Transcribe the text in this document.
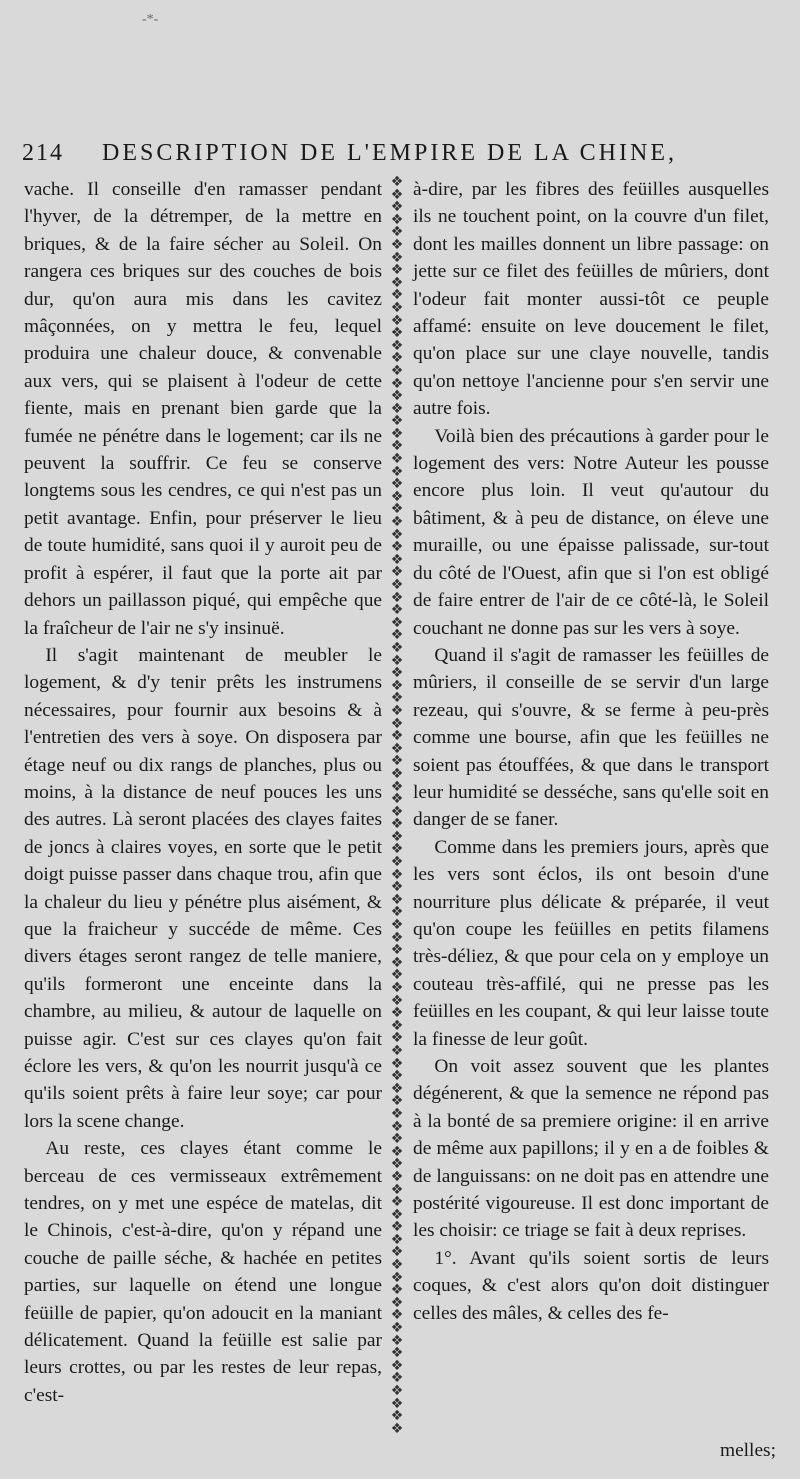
-*-
214 DESCRIPTION DE L'EMPIRE DE LA CHINE,

vache. Il conseille d'en ramasser pendant l'hyver, de la détremper, de la mettre en briques, & de la faire sécher au Soleil. On rangera ces briques sur des couches de bois dur, qu'on aura mis dans les cavitez mâçonnées, on y mettra le feu, lequel produira une chaleur douce, & convenable aux vers, qui se plaisent à l'odeur de cette fiente, mais en prenant bien garde que la fumée ne pénétre dans le logement; car ils ne peuvent la souffrir. Ce feu se conserve longtems sous les cendres, ce qui n'est pas un petit avantage. Enfin, pour préserver le lieu de toute humidité, sans quoi il y auroit peu de profit à espérer, il faut que la porte ait par dehors un paillasson piqué, qui empêche que la fraîcheur de l'air ne s'y insinuë.

Il s'agit maintenant de meubler le logement, & d'y tenir prêts les instrumens nécessaires, pour fournir aux besoins & à l'entretien des vers à soye. On disposera par étage neuf ou dix rangs de planches, plus ou moins, à la distance de neuf pouces les uns des autres. Là seront placées des clayes faites de joncs à claires voyes, en sorte que le petit doigt puisse passer dans chaque trou, afin que la chaleur du lieu y pénétre plus aisément, & que la fraicheur y succéde de même. Ces divers étages seront rangez de telle maniere, qu'ils formeront une enceinte dans la chambre, au milieu, & autour de laquelle on puisse agir. C'est sur ces clayes qu'on fait éclore les vers, & qu'on les nourrit jusqu'à ce qu'ils soient prêts à faire leur soye; car pour lors la scene change.

Au reste, ces clayes étant comme le berceau de ces vermisseaux extrêmement tendres, on y met une espéce de matelas, dit le Chinois, c'est-à-dire, qu'on y répand une couche de paille séche, & hachée en petites parties, sur laquelle on étend une longue feüille de papier, qu'on adoucit en la maniant délicatement. Quand la feüille est salie par leurs crottes, ou par les restes de leur repas, c'est-

❖
❖
❖
❖
❖
❖
❖
❖
❖
❖
❖
❖
❖
❖
❖
❖
❖
❖
❖
❖
❖
❖
❖
❖
❖
❖
❖
❖
❖
❖
❖
❖
❖
❖
❖
❖
❖
❖
❖
❖
❖
❖
❖
❖
❖
❖
❖
❖
❖
❖
❖
❖
❖
❖
❖
❖
❖
❖
❖
❖
❖
❖
❖
❖
❖
❖
❖
❖
❖
❖
❖
❖
❖
❖
❖
❖
❖
❖
❖
❖
❖
❖
❖
❖
❖
❖
❖
❖
❖
❖
❖
❖
❖
❖
❖
❖
❖
❖
❖
❖

à-dire, par les fibres des feüilles ausquelles ils ne touchent point, on la couvre d'un filet, dont les mailles donnent un libre passage: on jette sur ce filet des feüilles de mûriers, dont l'odeur fait monter aussi-tôt ce peuple affamé: ensuite on leve doucement le filet, qu'on place sur une claye nouvelle, tandis qu'on nettoye l'ancienne pour s'en servir une autre fois.

Voilà bien des précautions à garder pour le logement des vers: Notre Auteur les pousse encore plus loin. Il veut qu'autour du bâtiment, & à peu de distance, on éleve une muraille, ou une épaisse palissade, sur-tout du côté de l'Ouest, afin que si l'on est obligé de faire entrer de l'air de ce côté-là, le Soleil couchant ne donne pas sur les vers à soye.

Quand il s'agit de ramasser les feüilles de mûriers, il conseille de se servir d'un large rezeau, qui s'ouvre, & se ferme à peu-près comme une bourse, afin que les feüilles ne soient pas étouffées, & que dans le transport leur humidité se desséche, sans qu'elle soit en danger de se faner.

Comme dans les premiers jours, après que les vers sont éclos, ils ont besoin d'une nourriture plus délicate & préparée, il veut qu'on coupe les feüilles en petits filamens très-déliez, & que pour cela on y employe un couteau très-affilé, qui ne presse pas les feüilles en les coupant, & qui leur laisse toute la finesse de leur goût.

On voit assez souvent que les plantes dégénerent, & que la semence ne répond pas à la bonté de sa premiere origine: il en arrive de même aux papillons; il y en a de foibles & de languissans: on ne doit pas en attendre une postérité vigoureuse. Il est donc important de les choisir: ce triage se fait à deux reprises.

1°. Avant qu'ils soient sortis de leurs coques, & c'est alors qu'on doit distinguer celles des mâles, & celles des fe-

melles;
